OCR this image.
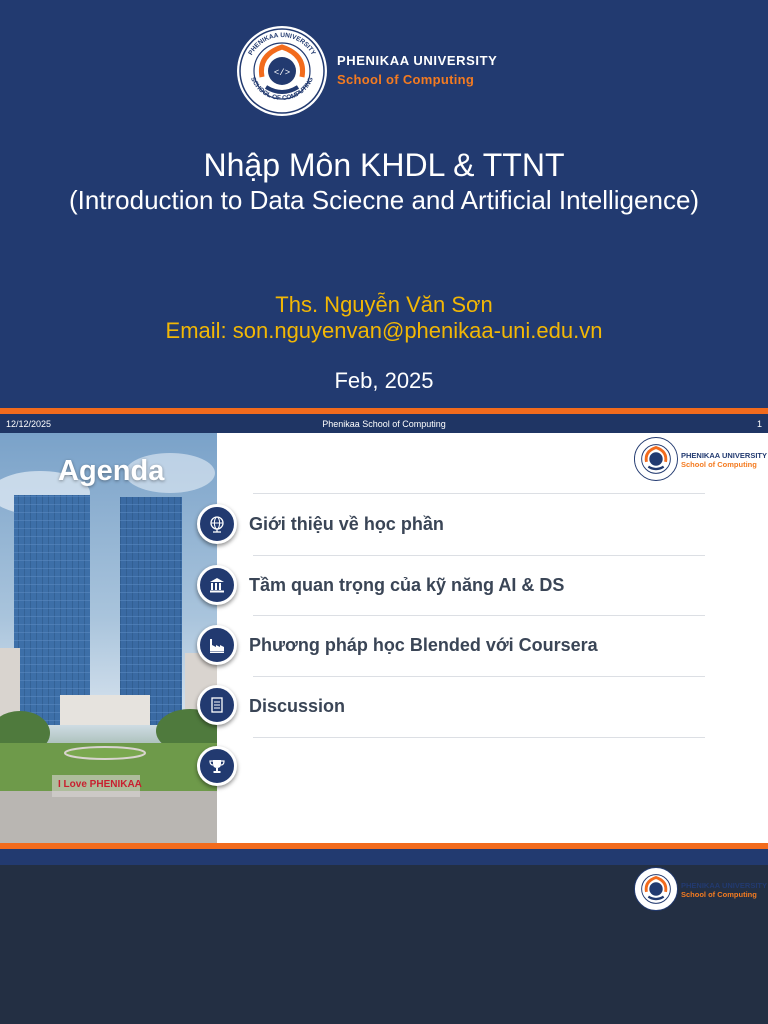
</>
PHENIKAA UNIVERSITY
SCHOOL OF COMPUTING
PHENIKAA UNIVERSITY
School of Computing
Nhập Môn KHDL & TTNT
(Introduction to Data Sciecne and Artificial Intelligence)
Ths. Nguyễn Văn Sơn
Email: son.nguyenvan@phenikaa-uni.edu.vn
Feb, 2025
12/12/2025	Phenikaa School of Computing	1
I Love PHENIKAA
Agenda	PHENIKAA UNIVERSITY
School of Computing
Giới thiệu về học phần
Tầm quan trọng của kỹ năng AI & DS
Phương pháp học Blended với Coursera
Discussion
PHENIKAA UNIVERSITY
School of Computing
